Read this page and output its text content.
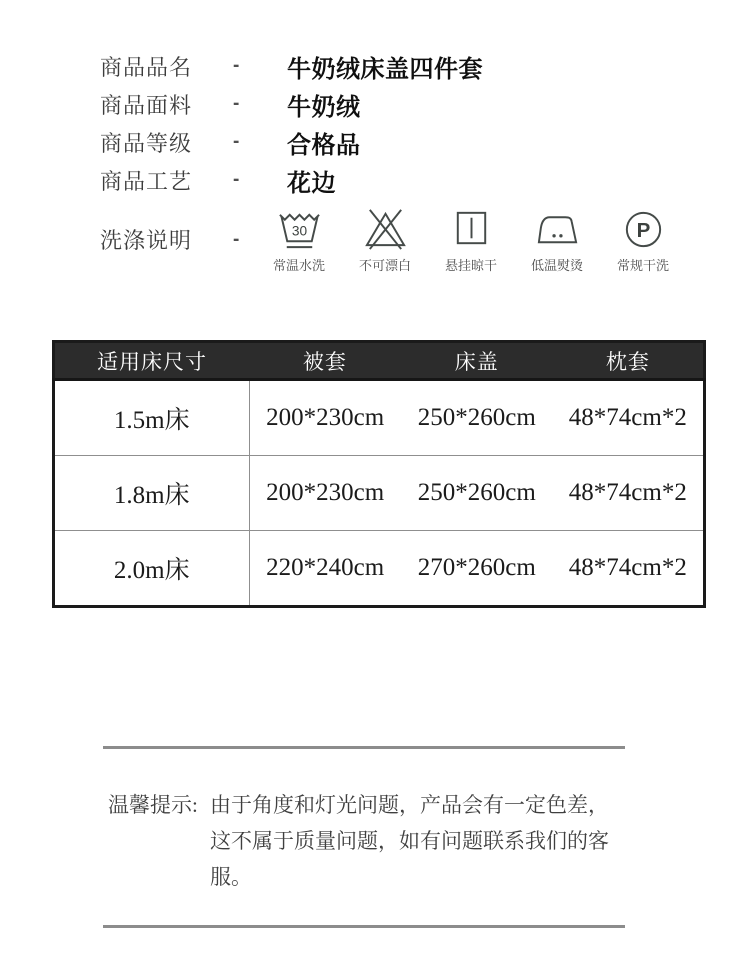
商品品名	-	牛奶绒床盖四件套
商品面料	-	牛奶绒
商品等级	-	合格品
商品工艺	-	花边
洗涤说明	-	30
常温水洗	不可漂白	悬挂晾干	低温熨烫
P
常规干洗
适用床尺寸	被套	床盖	枕套
1.5m床	200*230cm	250*260cm	48*74cm*2
1.8m床	200*230cm	250*260cm	48*74cm*2
2.0m床	220*240cm	270*260cm	48*74cm*2
温馨提示: 由于角度和灯光问题，产品会有一定色差，这不属于质量问题，如有问题联系我们的客服。
